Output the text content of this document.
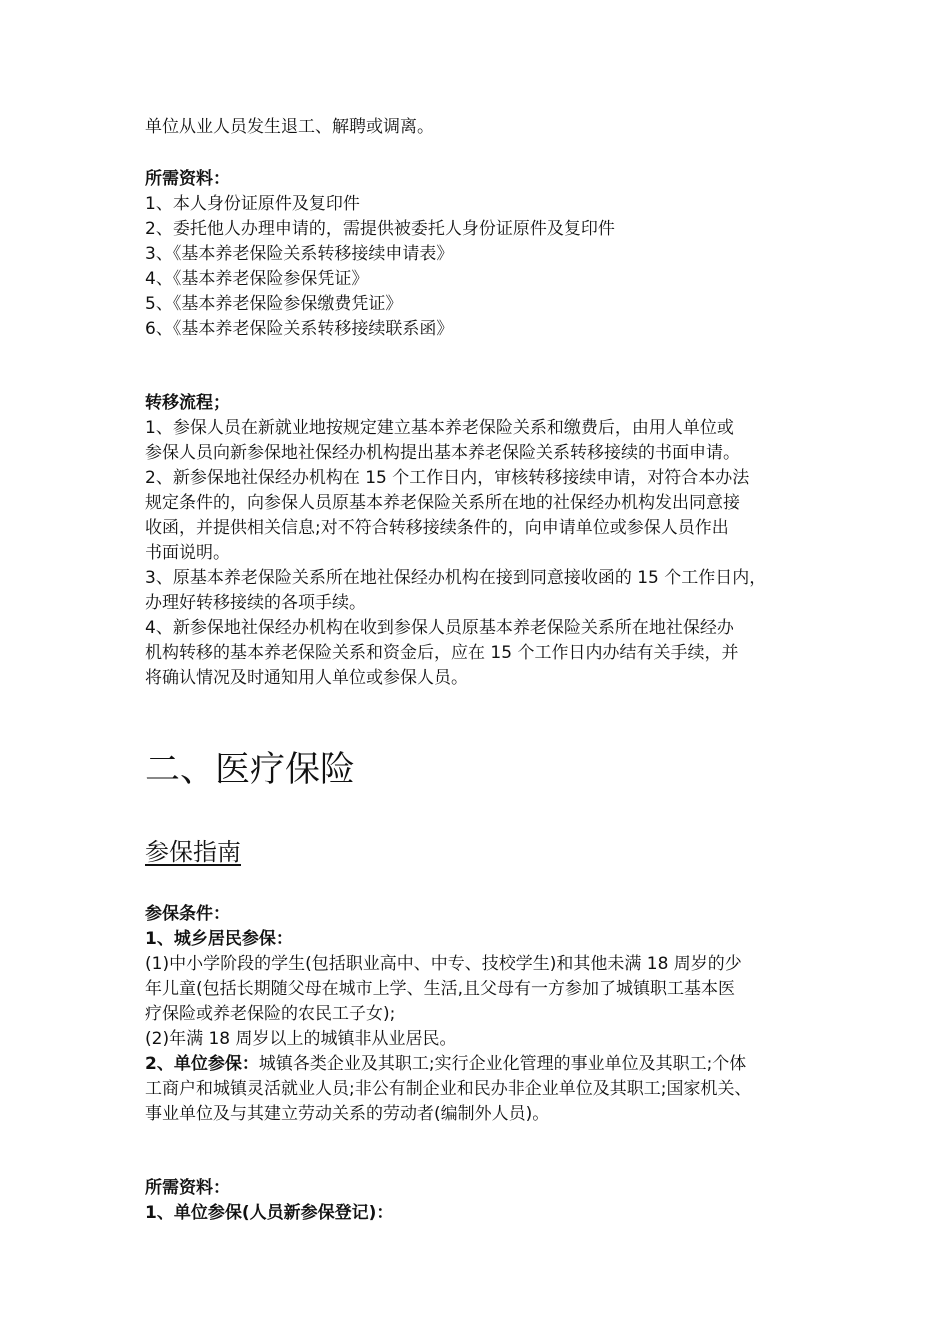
单位从业人员发生退工、解聘或调离。
所需资料：
1、本人身份证原件及复印件
2、委托他人办理申请的，需提供被委托人身份证原件及复印件
3、《基本养老保险关系转移接续申请表》
4、《基本养老保险参保凭证》
5、《基本养老保险参保缴费凭证》
6、《基本养老保险关系转移接续联系函》
转移流程；
1、参保人员在新就业地按规定建立基本养老保险关系和缴费后，由用人单位或
参保人员向新参保地社保经办机构提出基本养老保险关系转移接续的书面申请。
2、新参保地社保经办机构在 15 个工作日内，审核转移接续申请，对符合本办法
规定条件的，向参保人员原基本养老保险关系所在地的社保经办机构发出同意接
收函，并提供相关信息;对不符合转移接续条件的，向申请单位或参保人员作出
书面说明。
3、原基本养老保险关系所在地社保经办机构在接到同意接收函的 15 个工作日内，
办理好转移接续的各项手续。
4、新参保地社保经办机构在收到参保人员原基本养老保险关系所在地社保经办
机构转移的基本养老保险关系和资金后，应在 15 个工作日内办结有关手续，并
将确认情况及时通知用人单位或参保人员。
二、医疗保险
参保指南
参保条件：
1、城乡居民参保：
(1)中小学阶段的学生(包括职业高中、中专、技校学生)和其他未满 18 周岁的少
年儿童(包括长期随父母在城市上学、生活,且父母有一方参加了城镇职工基本医
疗保险或养老保险的农民工子女);
(2)年满 18 周岁以上的城镇非从业居民。
2、单位参保：城镇各类企业及其职工;实行企业化管理的事业单位及其职工;个体
工商户和城镇灵活就业人员;非公有制企业和民办非企业单位及其职工;国家机关、
事业单位及与其建立劳动关系的劳动者(编制外人员)。
所需资料：
1、单位参保(人员新参保登记)：
